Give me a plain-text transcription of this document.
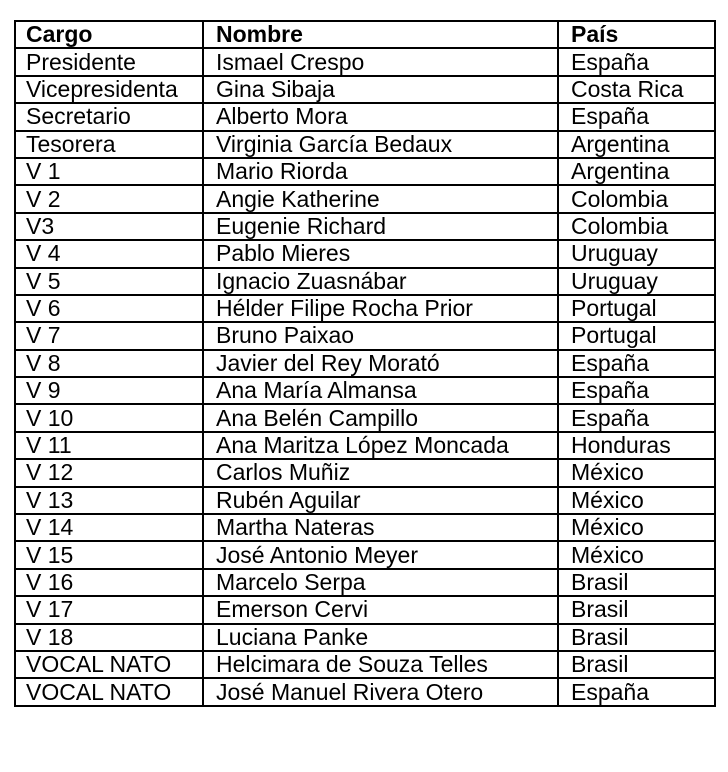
Cargo	Nombre	País
Presidente	Ismael Crespo	España
Vicepresidenta	Gina Sibaja	Costa Rica
Secretario	Alberto Mora	España
Tesorera	Virginia García Bedaux	Argentina
V 1	Mario Riorda	Argentina
V 2	Angie Katherine	Colombia
V3	Eugenie Richard	Colombia
V 4	Pablo Mieres	Uruguay
V 5	Ignacio Zuasnábar	Uruguay
V 6	Hélder Filipe Rocha Prior	Portugal
V 7	Bruno Paixao	Portugal
V 8	Javier del Rey Morató	España
V 9	Ana María Almansa	España
V 10	Ana Belén Campillo	España
V 11	Ana Maritza López Moncada	Honduras
V 12	Carlos Muñiz	México
V 13	Rubén Aguilar	México
V 14	Martha Nateras	México
V 15	José Antonio Meyer	México
V 16	Marcelo Serpa	Brasil
V 17	Emerson Cervi	Brasil
V 18	Luciana Panke	Brasil
VOCAL NATO	Helcimara de Souza Telles	Brasil
VOCAL NATO	José Manuel Rivera Otero	España
